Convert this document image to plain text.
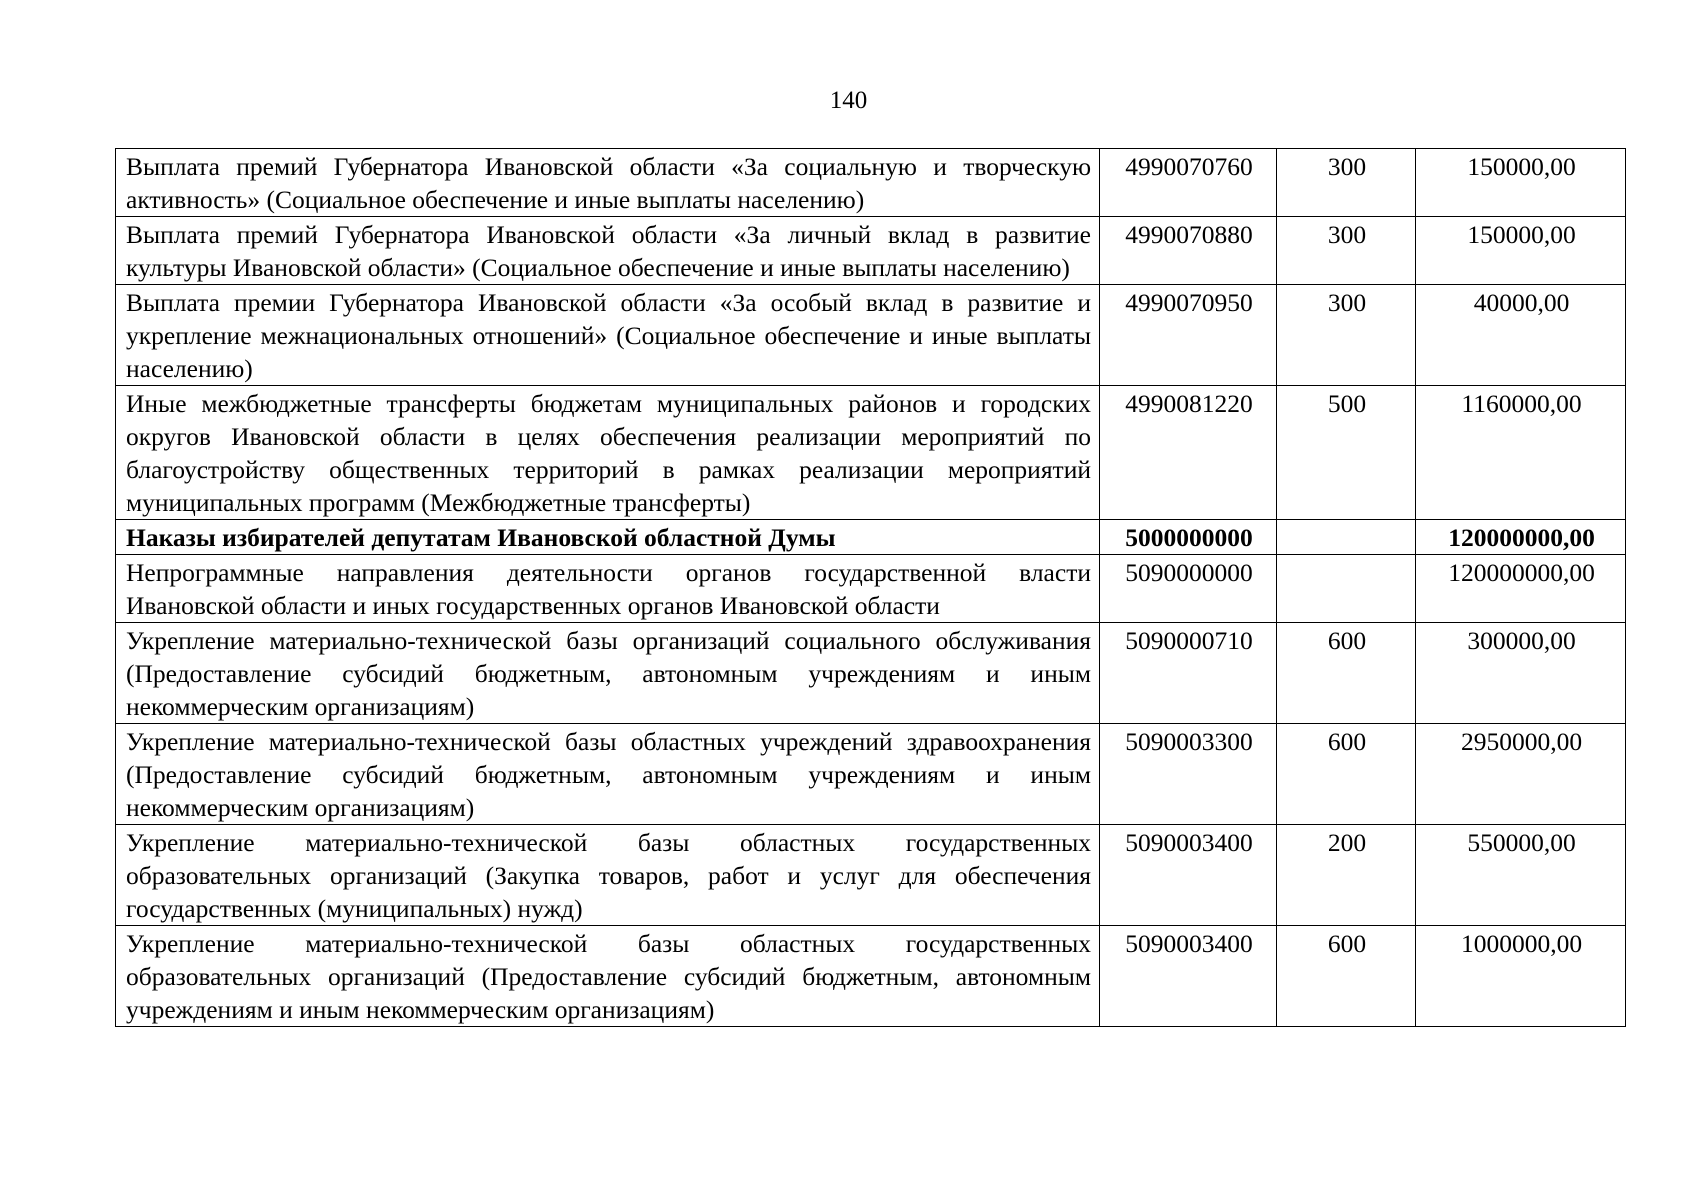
140
Выплата премий Губернатора Ивановской области «За социальную и творческую активность» (Социальное обеспечение и иные выплаты населению)	4990070760	300	150000,00
Выплата премий Губернатора Ивановской области «За личный вклад в развитие культуры Ивановской области» (Социальное обеспечение и иные выплаты населению)	4990070880	300	150000,00
Выплата премии Губернатора Ивановской области «За особый вклад в развитие и укрепление межнациональных отношений» (Социальное обеспечение и иные выплаты населению)	4990070950	300	40000,00
Иные межбюджетные трансферты бюджетам муниципальных районов и городских округов Ивановской области в целях обеспечения реализации мероприятий по благоустройству общественных территорий в рамках реализации мероприятий муниципальных программ (Межбюджетные трансферты)	4990081220	500	1160000,00
Наказы избирателей депутатам Ивановской областной Думы	5000000000		120000000,00
Непрограммные направления деятельности органов государственной власти Ивановской области и иных государственных органов Ивановской области	5090000000		120000000,00
Укрепление материально-технической базы организаций социального обслуживания (Предоставление субсидий бюджетным, автономным учреждениям и иным некоммерческим организациям)	5090000710	600	300000,00
Укрепление материально-технической базы областных учреждений здравоохранения (Предоставление субсидий бюджетным, автономным учреждениям и иным некоммерческим организациям)	5090003300	600	2950000,00
Укрепление материально-технической базы областных государственных образовательных организаций (Закупка товаров, работ и услуг для обеспечения государственных (муниципальных) нужд)	5090003400	200	550000,00
Укрепление материально-технической базы областных государственных образовательных организаций (Предоставление субсидий бюджетным, автономным учреждениям и иным некоммерческим организациям)	5090003400	600	1000000,00
